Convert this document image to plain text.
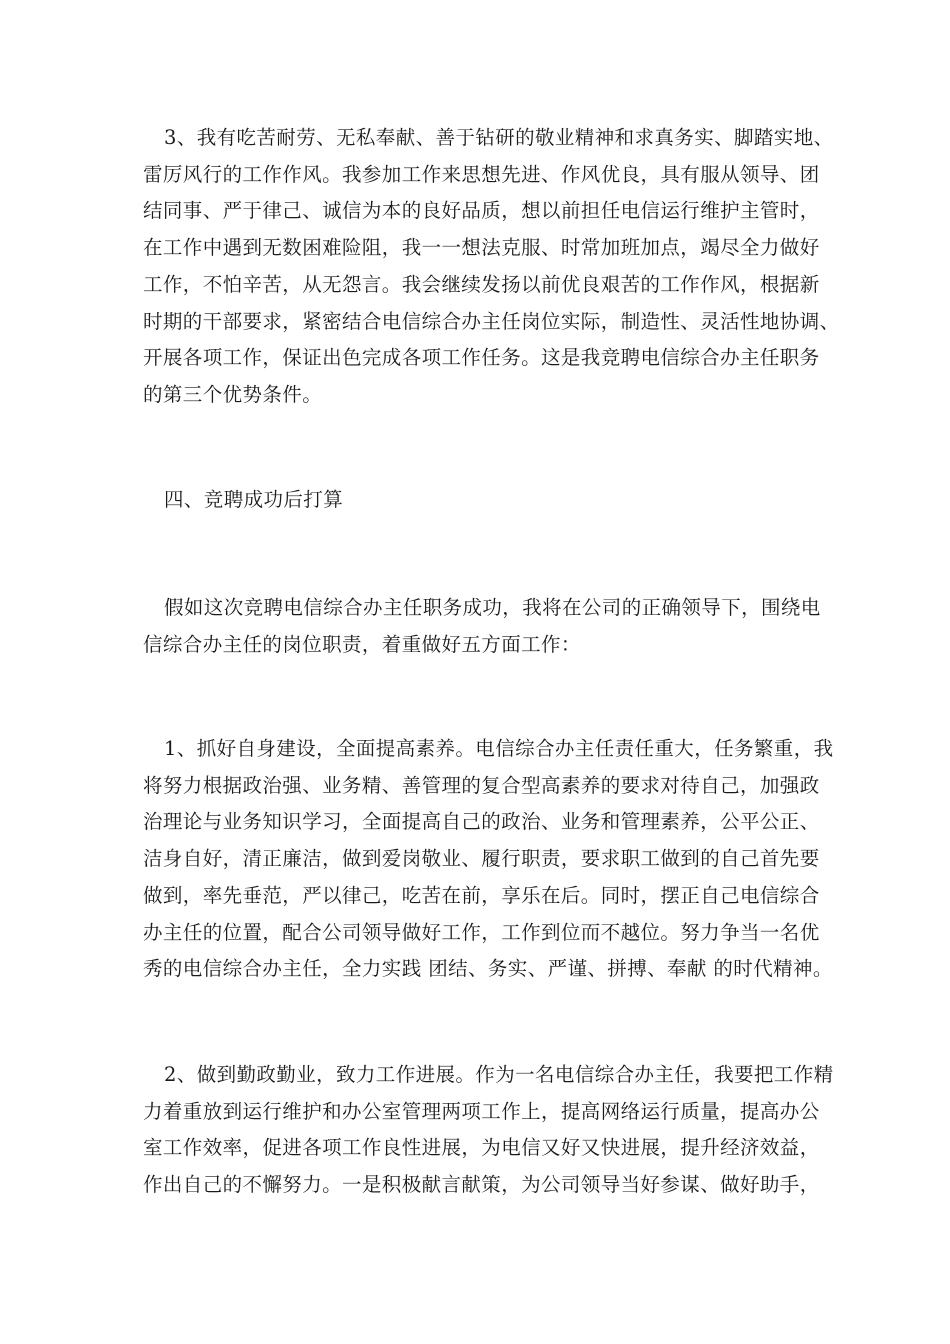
3、我有吃苦耐劳、无私奉献、善于钻研的敬业精神和求真务实、脚踏实地、
雷厉风行的工作作风。我参加工作来思想先进、作风优良，具有服从领导、团
结同事、严于律己、诚信为本的良好品质，想以前担任电信运行维护主管时，
在工作中遇到无数困难险阻，我一一想法克服、时常加班加点，竭尽全力做好
工作，不怕辛苦，从无怨言。我会继续发扬以前优良艰苦的工作作风，根据新
时期的干部要求，紧密结合电信综合办主任岗位实际，制造性、灵活性地协调、
开展各项工作，保证出色完成各项工作任务。这是我竞聘电信综合办主任职务
的第三个优势条件。

四、竞聘成功后打算

假如这次竞聘电信综合办主任职务成功，我将在公司的正确领导下，围绕电
信综合办主任的岗位职责，着重做好五方面工作：

1、抓好自身建设，全面提高素养。电信综合办主任责任重大，任务繁重，我
将努力根据政治强、业务精、善管理的复合型高素养的要求对待自己，加强政
治理论与业务知识学习，全面提高自己的政治、业务和管理素养，公平公正、
洁身自好，清正廉洁，做到爱岗敬业、履行职责，要求职工做到的自己首先要
做到，率先垂范，严以律己，吃苦在前，享乐在后。同时，摆正自己电信综合
办主任的位置，配合公司领导做好工作，工作到位而不越位。努力争当一名优
秀的电信综合办主任，全力实践 团结、务实、严谨、拼搏、奉献 的时代精神。

2、做到勤政勤业，致力工作进展。作为一名电信综合办主任，我要把工作精
力着重放到运行维护和办公室管理两项工作上，提高网络运行质量，提高办公
室工作效率，促进各项工作良性进展，为电信又好又快进展，提升经济效益，
作出自己的不懈努力。一是积极献言献策，为公司领导当好参谋、做好助手，
